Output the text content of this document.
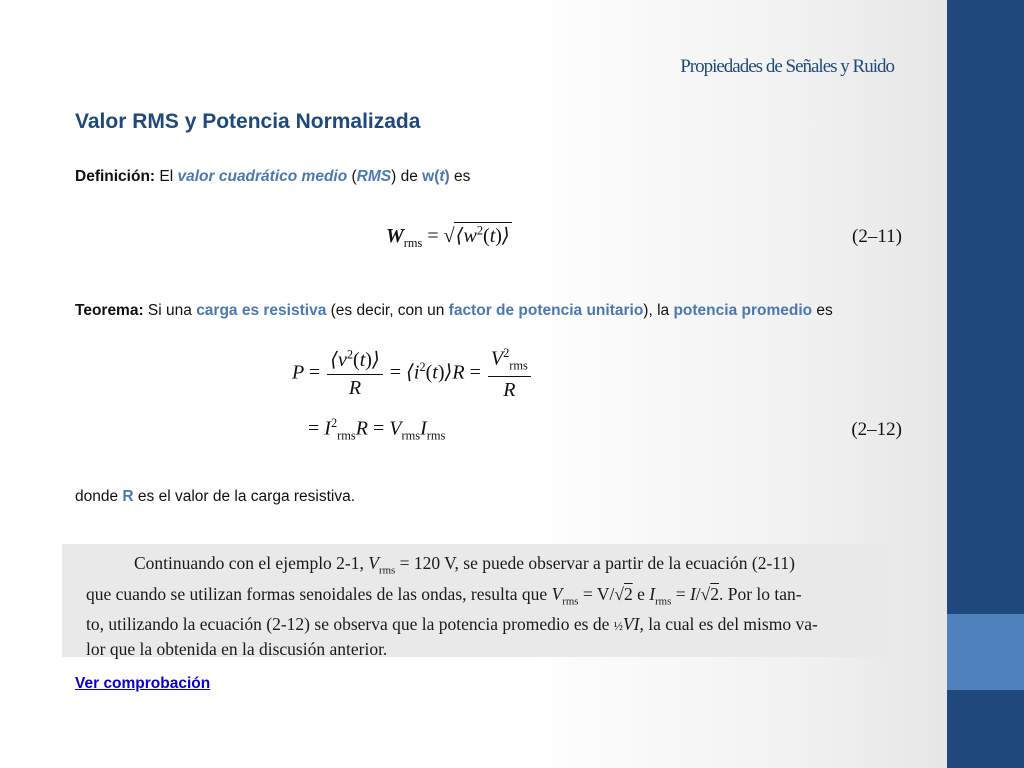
Propiedades de Señales y Ruido
Valor RMS y Potencia Normalizada
Definición: El valor cuadrático medio (RMS) de w(t) es
$W_{rms}$ = $√⟨w^2(t)⟩$	(2–11)
Teorema: Si una carga es resistiva (es decir, con un factor de potencia unitario), la potencia promedio es
$P = \frac{⟨v^2(t)⟩}{R}$ = $⟨i^2(t)⟩R = \frac{V^2_{rms}}{R}$
= $I^2_{rms}R = V_{rms}I_{rms}$	(2–12)
donde R es el valor de la carga resistiva.

Continuando con el ejemplo 2-1, $V_{rms} = 120$ V, se puede observar a partir de la ecuación (2-11)

que cuando se utilizan formas senoidales de las ondas, resulta que $V_{rms} = V/√2$ e $I_{rms} = I/√2$. Por lo tan-
to, utilizando la ecuación (2-12) se observa que la potencia promedio es de ½VI, la cual es del mismo va-
lor que la obtenida en la discusión anterior.
Ver comprobación
